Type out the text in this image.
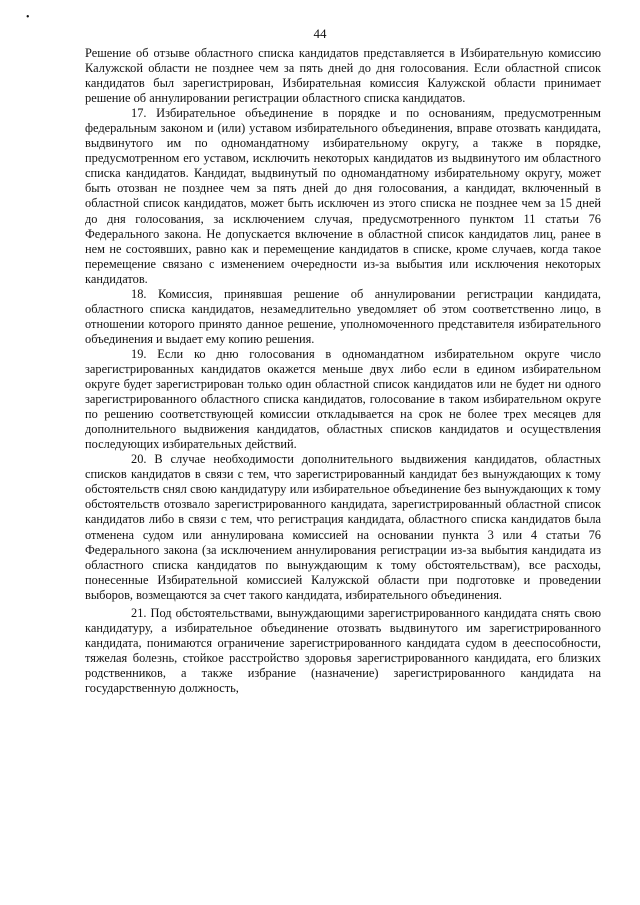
•
44

Решение об отзыве областного списка кандидатов представляется в Избирательную комиссию Калужской области не позднее чем за пять дней до дня голосования. Если областной список кандидатов был зарегистрирован, Избирательная комиссия Калужской области принимает решение об аннулировании регистрации областного списка кандидатов.

17. Избирательное объединение в порядке и по основаниям, предусмотренным федеральным законом и (или) уставом избирательного объединения, вправе отозвать кандидата, выдвинутого им по одномандатному избирательному округу, а также в порядке, предусмотренном его уставом, исключить некоторых кандидатов из выдвинутого им областного списка кандидатов. Кандидат, выдвинутый по одномандатному избирательному округу, может быть отозван не позднее чем за пять дней до дня голосования, а кандидат, включенный в областной список кандидатов, может быть исключен из этого списка не позднее чем за 15 дней до дня голосования, за исключением случая, предусмотренного пунктом 11 статьи 76 Федерального закона. Не допускается включение в областной список кандидатов лиц, ранее в нем не состоявших, равно как и перемещение кандидатов в списке, кроме случаев, когда такое перемещение связано с изменением очередности из-за выбытия или исключения некоторых кандидатов.

18. Комиссия, принявшая решение об аннулировании регистрации кандидата, областного списка кандидатов, незамедлительно уведомляет об этом соответственно лицо, в отношении которого принято данное решение, уполномоченного представителя избирательного объединения и выдает ему копию решения.

19. Если ко дню голосования в одномандатном избирательном округе число зарегистрированных кандидатов окажется меньше двух либо если в едином избирательном округе будет зарегистрирован только один областной список кандидатов или не будет ни одного зарегистрированного областного списка кандидатов, голосование в таком избирательном округе по решению соответствующей комиссии откладывается на срок не более трех месяцев для дополнительного выдвижения кандидатов, областных списков кандидатов и осуществления последующих избирательных действий.

20. В случае необходимости дополнительного выдвижения кандидатов, областных списков кандидатов в связи с тем, что зарегистрированный кандидат без вынуждающих к тому обстоятельств снял свою кандидатуру или избирательное объединение без вынуждающих к тому обстоятельств отозвало зарегистрированного кандидата, зарегистрированный областной список кандидатов либо в связи с тем, что регистрация кандидата, областного списка кандидатов была отменена судом или аннулирована комиссией на основании пункта 3 или 4 статьи 76 Федерального закона (за исключением аннулирования регистрации из-за выбытия кандидата из областного списка кандидатов по вынуждающим к тому обстоятельствам), все расходы, понесенные Избирательной комиссией Калужской области при подготовке и проведении выборов, возмещаются за счет такого кандидата, избирательного объединения.

21. Под обстоятельствами, вынуждающими зарегистрированного кандидата снять свою кандидатуру, а избирательное объединение отозвать выдвинутого им зарегистрированного кандидата, понимаются ограничение зарегистрированного кандидата судом в дееспособности, тяжелая болезнь, стойкое расстройство здоровья зарегистрированного кандидата, его близких родственников, а также избрание (назначение) зарегистрированного кандидата на государственную должность,
